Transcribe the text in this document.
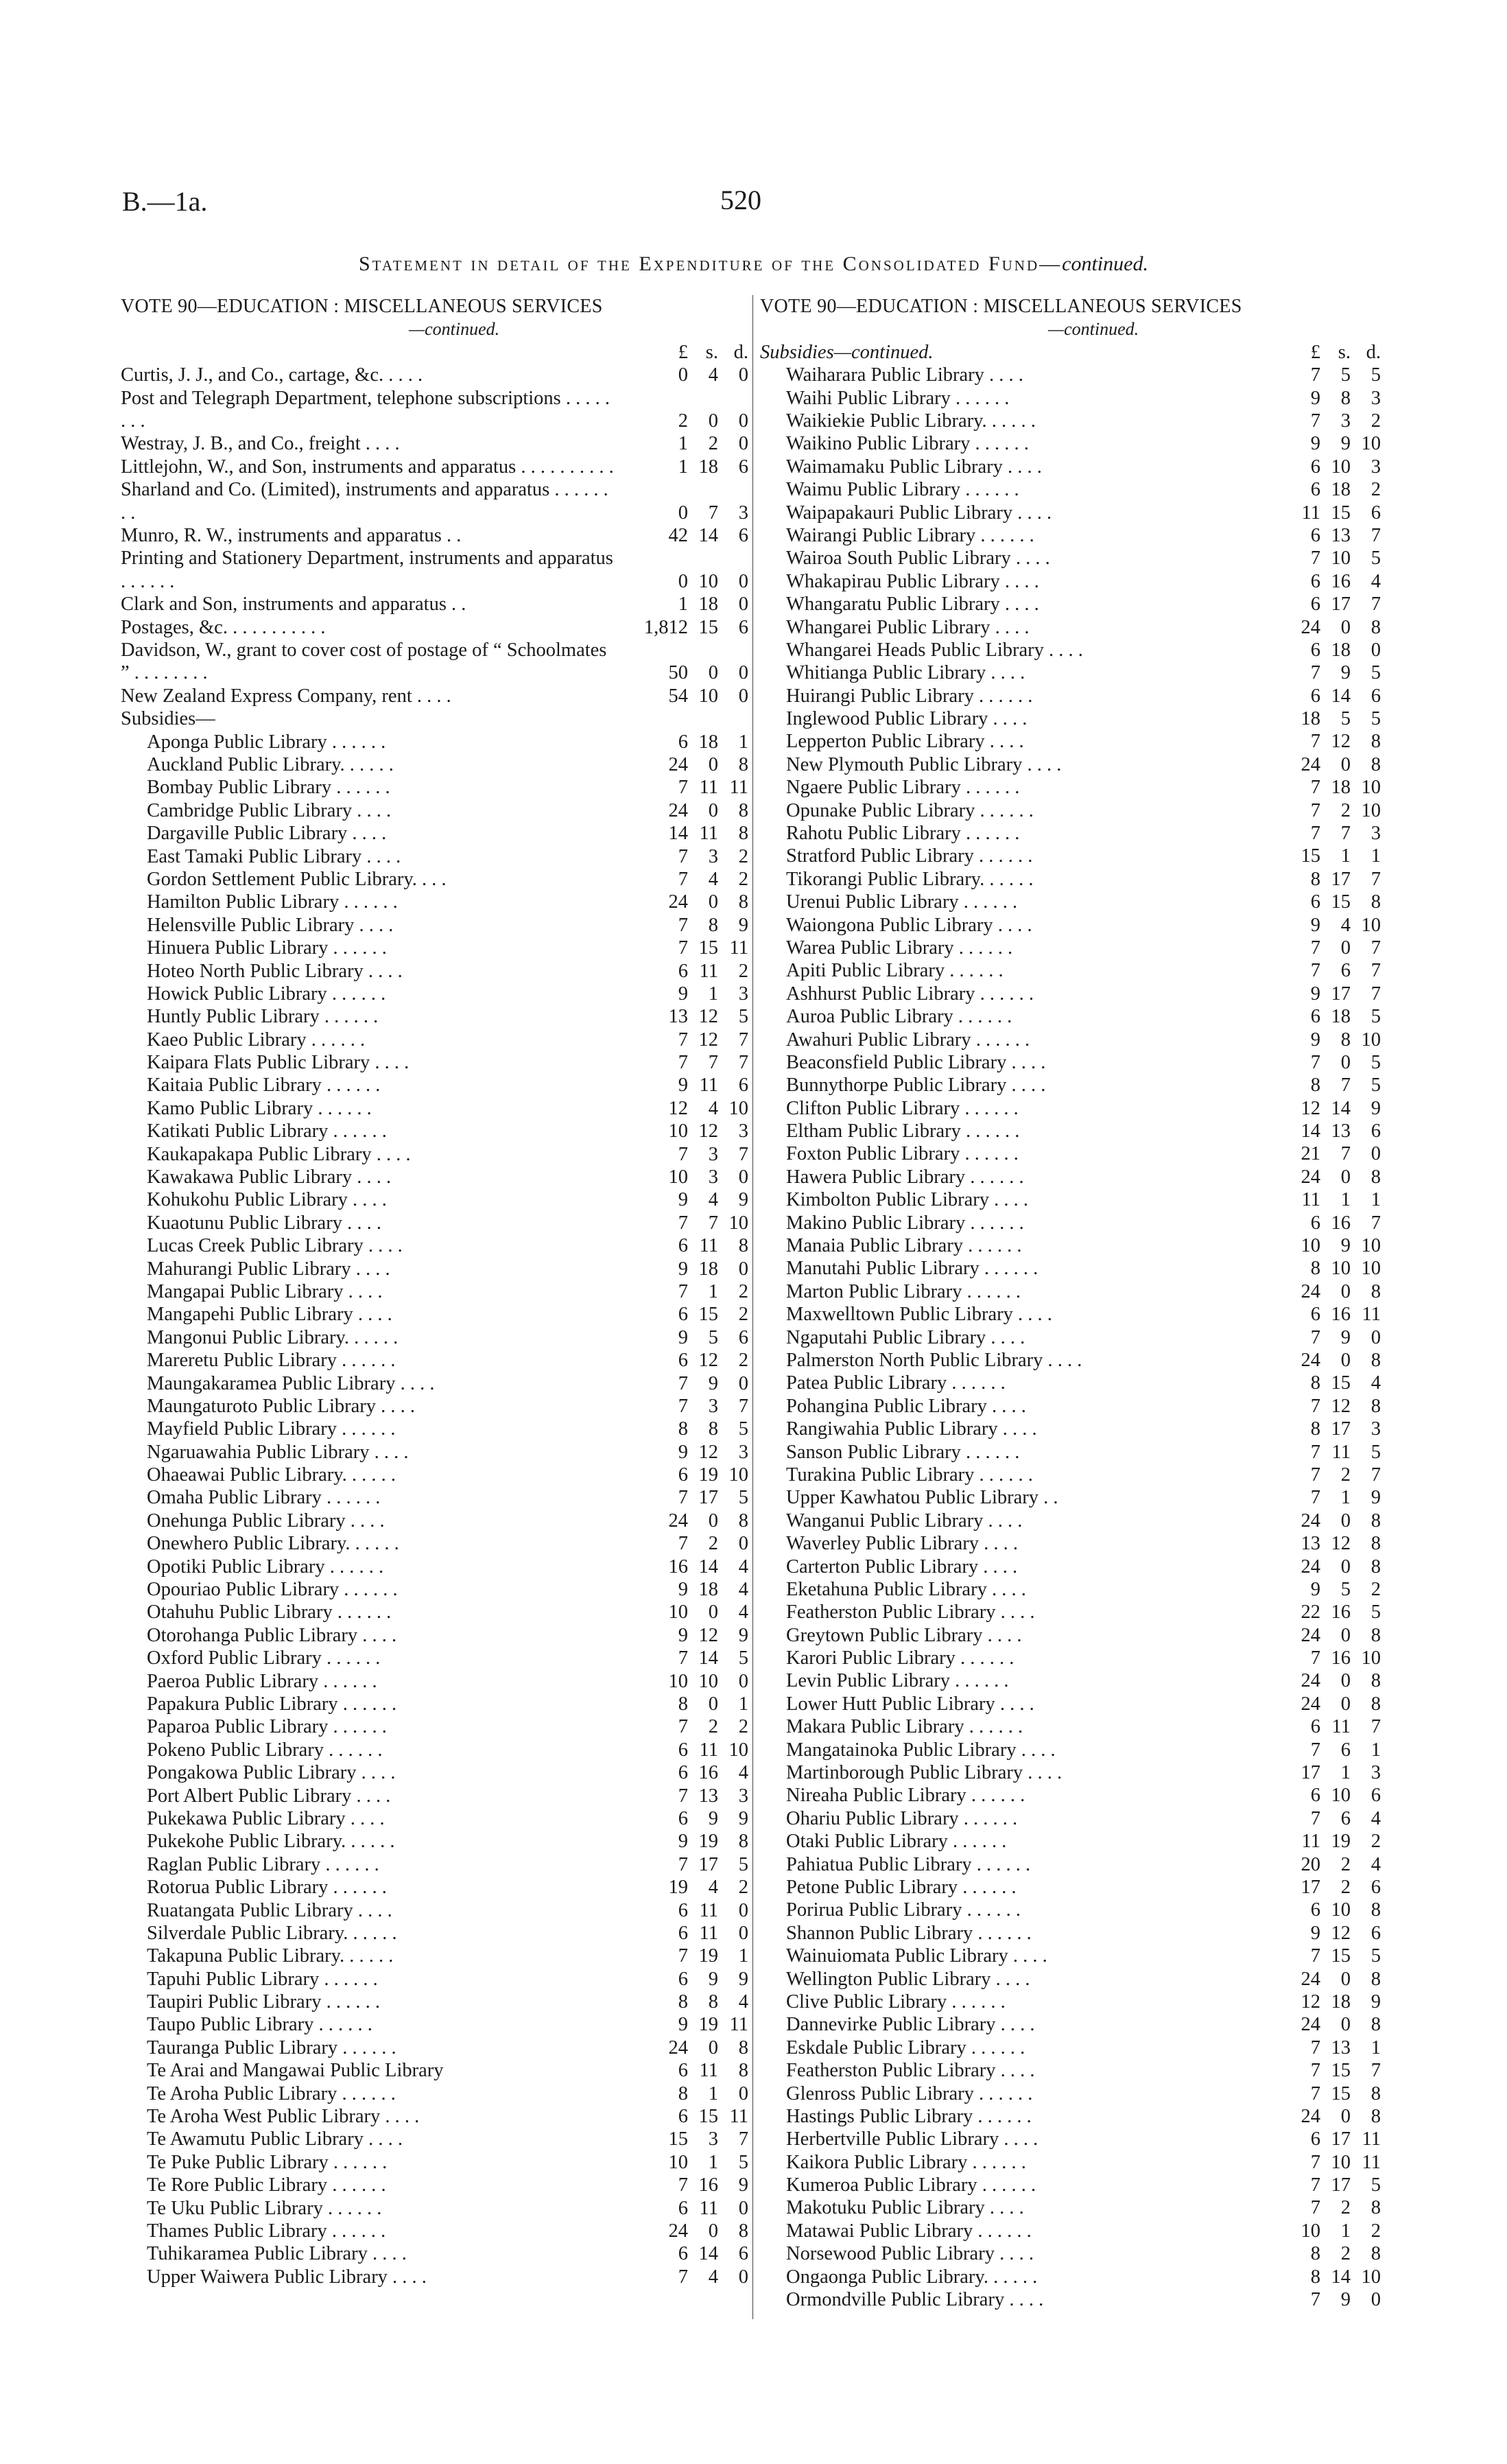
B.—1a.	520
Statement in detail of the Expenditure of the Consolidated Fund—continued.
VOTE 90—EDUCATION : MISCELLANEOUS SERVICES
—continued.
£ s. d.
Curtis, J. J., and Co., cartage, &c. . . . .	0	4	0
Post and Telegraph Department, telephone subscriptions . . . . . . . .	2	0	0
Westray, J. B., and Co., freight . . . .	1	2	0
Littlejohn, W., and Son, instruments and apparatus . . . . . . . . . .	1 18	6
Sharland and Co. (Limited), instruments and apparatus . . . . . . . .	0	7	3
Munro, R. W., instruments and apparatus . .	42 14	6
Printing and Stationery Department, instruments and apparatus . . . . . .	0 10	0
Clark and Son, instruments and apparatus . .	1 18	0
Postages, &c. . . . . . . . . . .	1,812 15	6
Davidson, W., grant to cover cost of postage of “ Schoolmates ” . . . . . . . .	50	0	0
New Zealand Express Company, rent . . . .	54 10	0
Subsidies—
Aponga Public Library . . . . . .	6 18	1
Auckland Public Library. . . . . .	24	0	8
Bombay Public Library . . . . . .	7 11 11
Cambridge Public Library . . . .	24	0	8
Dargaville Public Library . . . .	14 11	8
East Tamaki Public Library . . . .	7	3	2
Gordon Settlement Public Library. . . .	7	4	2
Hamilton Public Library . . . . . .	24	0	8
Helensville Public Library . . . .	7	8	9
Hinuera Public Library . . . . . .	7 15 11
Hoteo North Public Library . . . .	6 11	2
Howick Public Library . . . . . .	9	1	3
Huntly Public Library . . . . . .	13 12	5
Kaeo Public Library . . . . . .	7 12	7
Kaipara Flats Public Library . . . .	7	7	7
Kaitaia Public Library . . . . . .	9 11	6
Kamo Public Library . . . . . .	12	4 10
Katikati Public Library . . . . . .	10 12	3
Kaukapakapa Public Library . . . .	7	3	7
Kawakawa Public Library . . . .	10	3	0
Kohukohu Public Library . . . .	9	4	9
Kuaotunu Public Library . . . .	7	7 10
Lucas Creek Public Library . . . .	6 11	8
Mahurangi Public Library . . . .	9 18	0
Mangapai Public Library . . . .	7	1	2
Mangapehi Public Library . . . .	6 15	2
Mangonui Public Library. . . . . .	9	5	6
Mareretu Public Library . . . . . .	6 12	2
Maungakaramea Public Library . . . .	7	9	0
Maungaturoto Public Library . . . .	7	3	7
Mayfield Public Library . . . . . .	8	8	5
Ngaruawahia Public Library . . . .	9 12	3
Ohaeawai Public Library. . . . . .	6 19 10
Omaha Public Library . . . . . .	7 17	5
Onehunga Public Library . . . .	24	0	8
Onewhero Public Library. . . . . .	7	2	0
Opotiki Public Library . . . . . .	16 14	4
Opouriao Public Library . . . . . .	9 18	4
Otahuhu Public Library . . . . . .	10	0	4
Otorohanga Public Library . . . .	9 12	9
Oxford Public Library . . . . . .	7 14	5
Paeroa Public Library . . . . . .	10 10	0
Papakura Public Library . . . . . .	8	0	1
Paparoa Public Library . . . . . .	7	2	2
Pokeno Public Library . . . . . .	6 11 10
Pongakowa Public Library . . . .	6 16	4
Port Albert Public Library . . . .	7 13	3
Pukekawa Public Library . . . .	6	9	9
Pukekohe Public Library. . . . . .	9 19	8
Raglan Public Library . . . . . .	7 17	5
Rotorua Public Library . . . . . .	19	4	2
Ruatangata Public Library . . . .	6 11	0
Silverdale Public Library. . . . . .	6 11	0
Takapuna Public Library. . . . . .	7 19	1
Tapuhi Public Library . . . . . .	6	9	9
Taupiri Public Library . . . . . .	8	8	4
Taupo Public Library . . . . . .	9 19 11
Tauranga Public Library . . . . . .	24	0	8
Te Arai and Mangawai Public Library	6 11	8
Te Aroha Public Library . . . . . .	8	1	0
Te Aroha West Public Library . . . .	6 15 11
Te Awamutu Public Library . . . .	15	3	7
Te Puke Public Library . . . . . .	10	1	5
Te Rore Public Library . . . . . .	7 16	9
Te Uku Public Library . . . . . .	6 11	0
Thames Public Library . . . . . .	24	0	8
Tuhikaramea Public Library . . . .	6 14	6
Upper Waiwera Public Library . . . .	7	4	0
VOTE 90—EDUCATION : MISCELLANEOUS SERVICES
—continued.
Subsidies—continued.	£ s. d.
Waiharara Public Library . . . .	7	5	5
Waihi Public Library . . . . . .	9	8	3
Waikiekie Public Library. . . . . .	7	3	2
Waikino Public Library . . . . . .	9	9 10
Waimamaku Public Library . . . .	6 10	3
Waimu Public Library . . . . . .	6 18	2
Waipapakauri Public Library . . . .	11 15	6
Wairangi Public Library . . . . . .	6 13	7
Wairoa South Public Library . . . .	7 10	5
Whakapirau Public Library . . . .	6 16	4
Whangaratu Public Library . . . .	6 17	7
Whangarei Public Library . . . .	24	0	8
Whangarei Heads Public Library . . . .	6 18	0
Whitianga Public Library . . . .	7	9	5
Huirangi Public Library . . . . . .	6 14	6
Inglewood Public Library . . . .	18	5	5
Lepperton Public Library . . . .	7 12	8
New Plymouth Public Library . . . .	24	0	8
Ngaere Public Library . . . . . .	7 18 10
Opunake Public Library . . . . . .	7	2 10
Rahotu Public Library . . . . . .	7	7	3
Stratford Public Library . . . . . .	15	1	1
Tikorangi Public Library. . . . . .	8 17	7
Urenui Public Library . . . . . .	6 15	8
Waiongona Public Library . . . .	9	4 10
Warea Public Library . . . . . .	7	0	7
Apiti Public Library . . . . . .	7	6	7
Ashhurst Public Library . . . . . .	9 17	7
Auroa Public Library . . . . . .	6 18	5
Awahuri Public Library . . . . . .	9	8 10
Beaconsfield Public Library . . . .	7	0	5
Bunnythorpe Public Library . . . .	8	7	5
Clifton Public Library . . . . . .	12 14	9
Eltham Public Library . . . . . .	14 13	6
Foxton Public Library . . . . . .	21	7	0
Hawera Public Library . . . . . .	24	0	8
Kimbolton Public Library . . . .	11	1	1
Makino Public Library . . . . . .	6 16	7
Manaia Public Library . . . . . .	10	9 10
Manutahi Public Library . . . . . .	8 10 10
Marton Public Library . . . . . .	24	0	8
Maxwelltown Public Library . . . .	6 16 11
Ngaputahi Public Library . . . .	7	9	0
Palmerston North Public Library . . . .	24	0	8
Patea Public Library . . . . . .	8 15	4
Pohangina Public Library . . . .	7 12	8
Rangiwahia Public Library . . . .	8 17	3
Sanson Public Library . . . . . .	7 11	5
Turakina Public Library . . . . . .	7	2	7
Upper Kawhatou Public Library . .	7	1	9
Wanganui Public Library . . . .	24	0	8
Waverley Public Library . . . .	13 12	8
Carterton Public Library . . . .	24	0	8
Eketahuna Public Library . . . .	9	5	2
Featherston Public Library . . . .	22 16	5
Greytown Public Library . . . .	24	0	8
Karori Public Library . . . . . .	7 16 10
Levin Public Library . . . . . .	24	0	8
Lower Hutt Public Library . . . .	24	0	8
Makara Public Library . . . . . .	6 11	7
Mangatainoka Public Library . . . .	7	6	1
Martinborough Public Library . . . .	17	1	3
Nireaha Public Library . . . . . .	6 10	6
Ohariu Public Library . . . . . .	7	6	4
Otaki Public Library . . . . . .	11 19	2
Pahiatua Public Library . . . . . .	20	2	4
Petone Public Library . . . . . .	17	2	6
Porirua Public Library . . . . . .	6 10	8
Shannon Public Library . . . . . .	9 12	6
Wainuiomata Public Library . . . .	7 15	5
Wellington Public Library . . . .	24	0	8
Clive Public Library . . . . . .	12 18	9
Dannevirke Public Library . . . .	24	0	8
Eskdale Public Library . . . . . .	7 13	1
Featherston Public Library . . . .	7 15	7
Glenross Public Library . . . . . .	7 15	8
Hastings Public Library . . . . . .	24	0	8
Herbertville Public Library . . . .	6 17 11
Kaikora Public Library . . . . . .	7 10 11
Kumeroa Public Library . . . . . .	7 17	5
Makotuku Public Library . . . .	7	2	8
Matawai Public Library . . . . . .	10	1	2
Norsewood Public Library . . . .	8	2	8
Ongaonga Public Library. . . . . .	8 14 10
Ormondville Public Library . . . .	7	9	0
